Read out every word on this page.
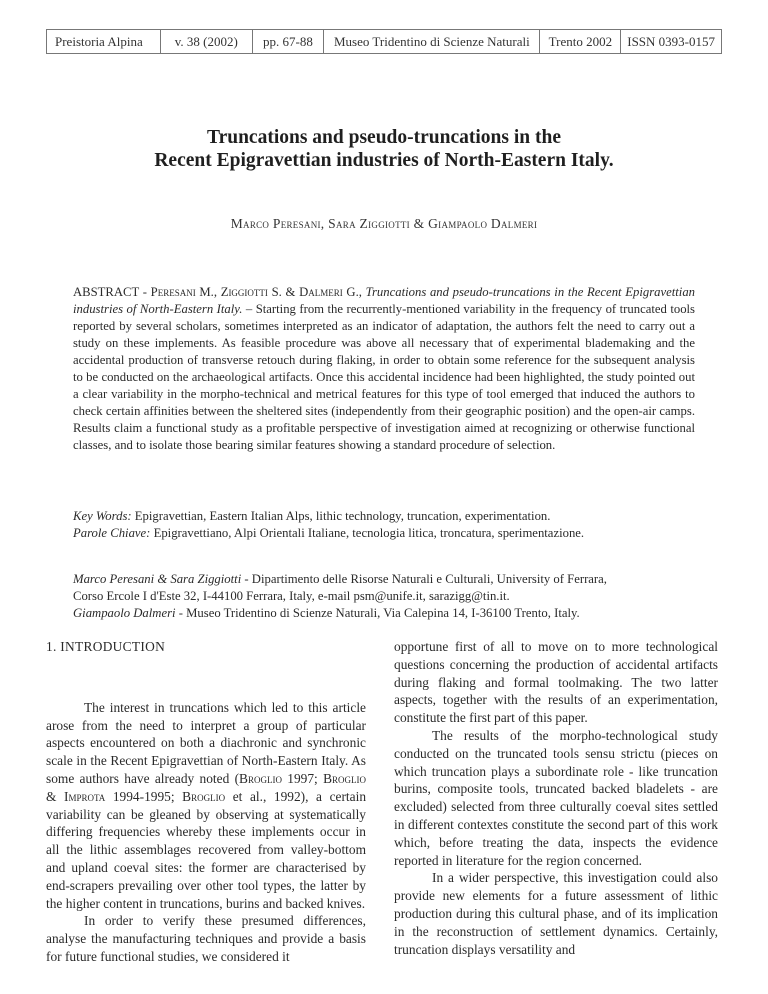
Preistoria Alpina	v. 38 (2002)	pp. 67-88	Museo Tridentino di Scienze Naturali	Trento 2002	ISSN 0393-0157
Truncations and pseudo-truncations in the
Recent Epigravettian industries of North-Eastern Italy.
Marco Peresani, Sara Ziggiotti & Giampaolo Dalmeri
ABSTRACT - Peresani M., Ziggiotti S. & Dalmeri G., Truncations and pseudo-truncations in the Recent Epigravettian industries of North-Eastern Italy. – Starting from the recurrently-mentioned variability in the frequency of truncated tools reported by several scholars, sometimes interpreted as an indicator of adaptation, the authors felt the need to carry out a study on these implements. As feasible procedure was above all necessary that of experimental blademaking and the accidental production of transverse retouch during flaking, in order to obtain some reference for the subsequent analysis to be conducted on the archaeological artifacts. Once this accidental incidence had been highlighted, the study pointed out a clear variability in the morpho-technical and metrical features for this type of tool emerged that induced the authors to check certain affinities between the sheltered sites (independently from their geographic position) and the open-air camps. Results claim a functional study as a profitable perspective of investigation aimed at recognizing or otherwise functional classes, and to isolate those bearing similar features showing a standard procedure of selection.
Key Words: Epigravettian, Eastern Italian Alps, lithic technology, truncation, experimentation.
Parole Chiave: Epigravettiano, Alpi Orientali Italiane, tecnologia litica, troncatura, sperimentazione.
Marco Peresani & Sara Ziggiotti - Dipartimento delle Risorse Naturali e Culturali, University of Ferrara,
Corso Ercole I d'Este 32, I-44100 Ferrara, Italy, e-mail psm@unife.it, sarazigg@tin.it.
Giampaolo Dalmeri - Museo Tridentino di Scienze Naturali, Via Calepina 14, I-36100 Trento, Italy.
1. INTRODUCTION

The interest in truncations which led to this article arose from the need to interpret a group of particular aspects encountered on both a diachronic and synchronic scale in the Recent Epigravettian of North-Eastern Italy. As some authors have already noted (Broglio 1997; Broglio & Improta 1994-1995; Broglio et al., 1992), a certain variability can be gleaned by observing at systematically differing frequencies whereby these implements occur in all the lithic assemblages recovered from valley-bottom and upland coeval sites: the former are characterised by end-scrapers prevailing over other tool types, the latter by the higher content in truncations, burins and backed knives.

In order to verify these presumed differences, analyse the manufacturing techniques and provide a basis for future functional studies, we considered it

opportune first of all to move on to more technological questions concerning the production of accidental artifacts during flaking and formal toolmaking. The two latter aspects, together with the results of an experimentation, constitute the first part of this paper.

The results of the morpho-technological study conducted on the truncated tools sensu strictu (pieces on which truncation plays a subordinate role - like truncation burins, composite tools, truncated backed bladelets - are excluded) selected from three culturally coeval sites settled in different contextes constitute the second part of this work which, before treating the data, inspects the evidence reported in literature for the region concerned.

In a wider perspective, this investigation could also provide new elements for a future assessment of lithic production during this cultural phase, and of its implication in the reconstruction of settlement dynamics. Certainly, truncation displays versatility and
